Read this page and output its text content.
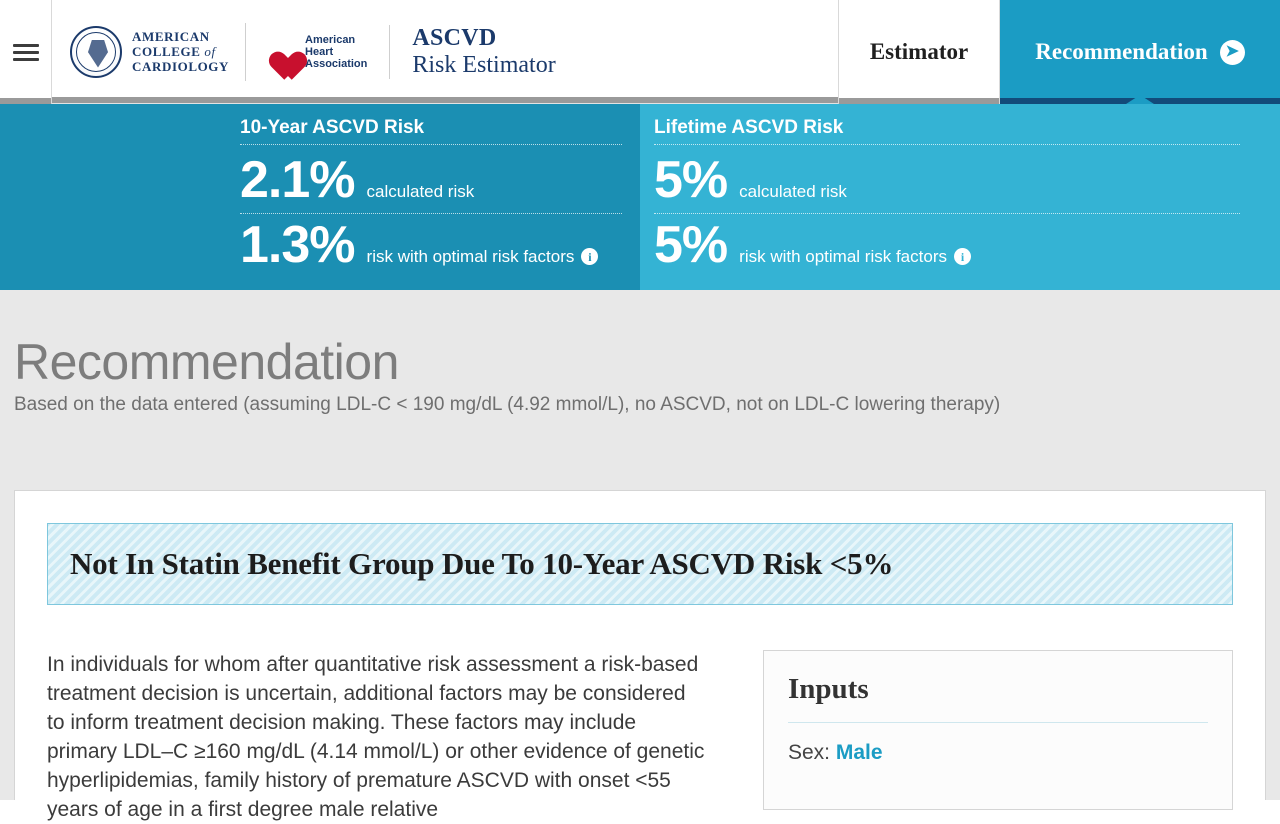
AMERICAN
COLLEGE of
CARDIOLOGY
American
Heart
Association
ASCVD
Risk Estimator	Estimator	Recommendation	➤
10-Year ASCVD Risk
2.1% calculated risk
1.3% risk with optimal risk factors	i
Lifetime ASCVD Risk
5% calculated risk
5% risk with optimal risk factors	i
Recommendation
Based on the data entered (assuming LDL-C < 190 mg/dL (4.92 mmol/L), no ASCVD, not on LDL-C lowering therapy)
Not In Statin Benefit Group Due To 10-Year ASCVD Risk <5%
In individuals for whom after quantitative risk assessment a risk-based treatment decision is uncertain, additional factors may be considered to inform treatment decision making. These factors may include primary LDL–C ≥160 mg/dL (4.14 mmol/L) or other evidence of genetic hyperlipidemias, family history of premature ASCVD with onset <55 years of age in a first degree male relative
Inputs
Sex: Male
